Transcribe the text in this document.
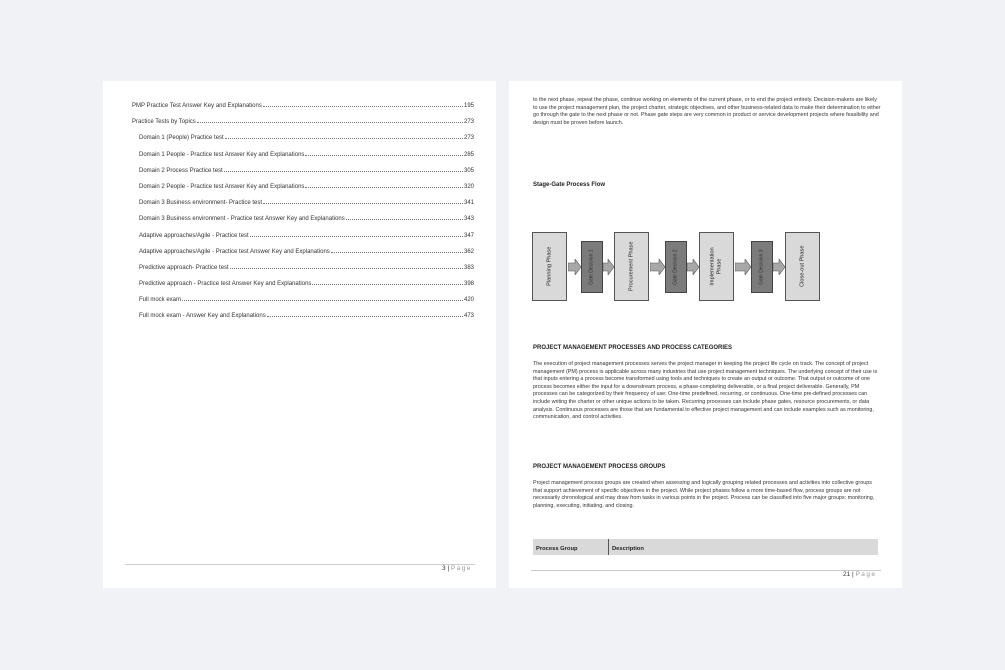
PMP Practice Test Answer Key and Explanations	195
Practice Tests by Topics	273
Domain 1 (People) Practice test	273
Domain 1 People - Practice test Answer Key and Explanations	285
Domain 2 Process Practice test	305
Domain 2 People - Practice test Answer Key and Explanations	320
Domain 3 Business environment- Practice test	341
Domain 3 Business environment - Practice test Answer Key and Explanations	343
Adaptive approaches/Agile - Practice test	347
Adaptive approaches/Agile - Practice test Answer Key and Explanations	362
Predictive approach- Practice test	383
Predictive approach - Practice test Answer Key and Explanations	398
Full mock exam	420
Full mock exam - Answer Key and Explanations	473
3 | Page
to the next phase, repeat the phase, continue working on elements of the current phase, or to end the project entirely. Decision-makers are likely to use the project management plan, the project charter, strategic objectives, and other business-related data to make their determination to either go through the gate to the next phase or not. Phase gate steps are very common in product or service development projects where feasibility and design must be proven before launch.
Stage-Gate Process Flow
Planning Phase	Procurement Phase	Implementation Phase	Close-out Phase
Gate Decision 1	Gate Decision 2	Gate Decision 3
PROJECT MANAGEMENT PROCESSES AND PROCESS CATEGORIES
The execution of project management processes serves the project manager in keeping the project life cycle on track. The concept of project management (PM) process is applicable across many industries that use project management techniques. The underlying concept of their use is that inputs entering a process become transformed using tools and techniques to create an output or outcome. That output or outcome of one process becomes either the input for a downstream process, a phase-completing deliverable, or a final project deliverable. Generally, PM processes can be categorized by their frequency of use: One-time predefined, recurring, or continuous. One-time pre-defined processes can include writing the charter or other unique actions to be taken. Recurring processes can include phase gates, resource procurements, or data analysis. Continuous processes are those that are fundamental to effective project management and can include examples such as monitoring, communication, and control activities.
PROJECT MANAGEMENT PROCESS GROUPS
Project management process groups are created when assessing and logically grouping related processes and activities into collective groups that support achievement of specific objectives in the project. While project phases follow a more time-based flow, process groups are not necessarily chronological and may draw from tasks in various points in the project. Process can be classified into five major groups: monitoring, planning, executing, initiating, and closing.
Process Group	Description
21 | Page
